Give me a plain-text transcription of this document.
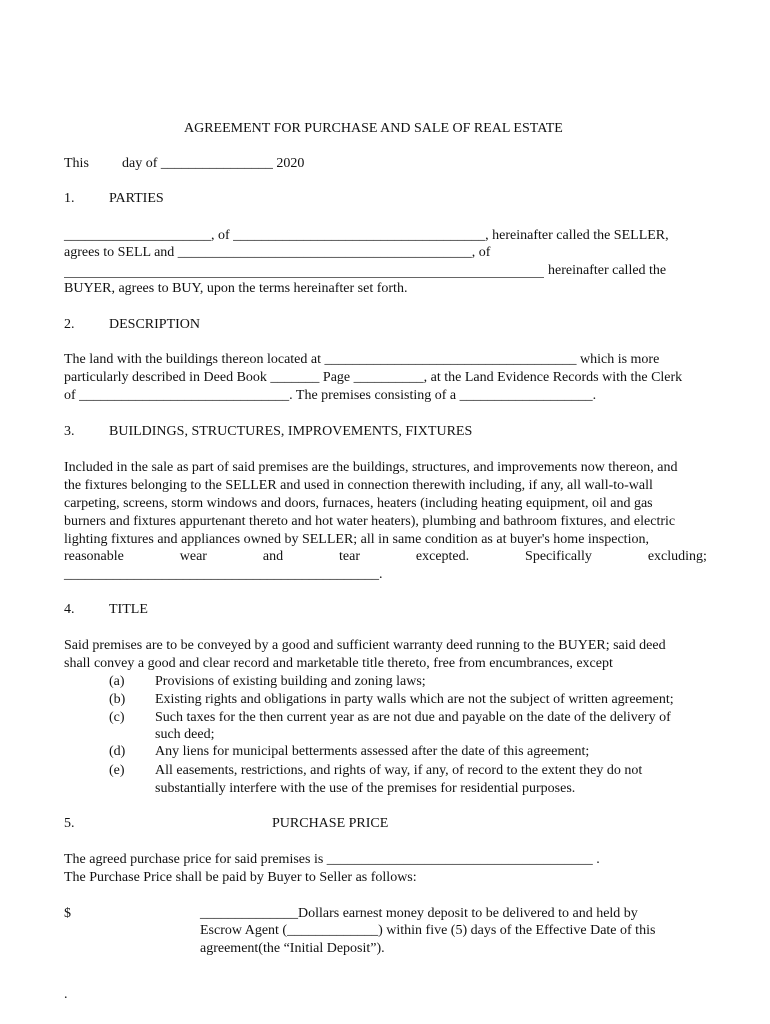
AGREEMENT FOR PURCHASE AND SALE OF REAL ESTATE
This day of ________________ 2020
1. PARTIES
_____________________, of ____________________________________, hereinafter called the SELLER,
agrees to SELL and __________________________________________, of
hereinafter called the
BUYER, agrees to BUY, upon the terms hereinafter set forth.
2. DESCRIPTION
The land with the buildings thereon located at ____________________________________ which is more
particularly described in Deed Book _______ Page __________, at the Land Evidence Records with the Clerk
of ______________________________. The premises consisting of a ___________________.
3. BUILDINGS, STRUCTURES, IMPROVEMENTS, FIXTURES
Included in the sale as part of said premises are the buildings, structures, and improvements now thereon, and
the fixtures belonging to the SELLER and used in connection therewith including, if any, all wall-to-wall
carpeting, screens, storm windows and doors, furnaces, heaters (including heating equipment, oil and gas
burners and fixtures appurtenant thereto and hot water heaters), plumbing and bathroom fixtures, and electric
lighting fixtures and appliances owned by SELLER; all in same condition as at buyer's home inspection,
reasonable	wear	and	tear	excepted.	Specifically	excluding;
_____________________________________________.
4. TITLE
Said premises are to be conveyed by a good and sufficient warranty deed running to the BUYER; said deed
shall convey a good and clear record and marketable title thereto, free from encumbrances, except
(a) Provisions of existing building and zoning laws;
(b) Existing rights and obligations in party walls which are not the subject of written agreement;
(c) Such taxes for the then current year as are not due and payable on the date of the delivery of
such deed;
(d) Any liens for municipal betterments assessed after the date of this agreement;
(e) All easements, restrictions, and rights of way, if any, of record to the extent they do not
substantially interfere with the use of the premises for residential purposes.
5.	PURCHASE PRICE
The agreed purchase price for said premises is ______________________________________ .
The Purchase Price shall be paid by Buyer to Seller as follows:
$	______________Dollars earnest money deposit to be delivered to and held by
Escrow Agent (_____________) within five (5) days of the Effective Date of this
agreement(the “Initial Deposit”).
.
